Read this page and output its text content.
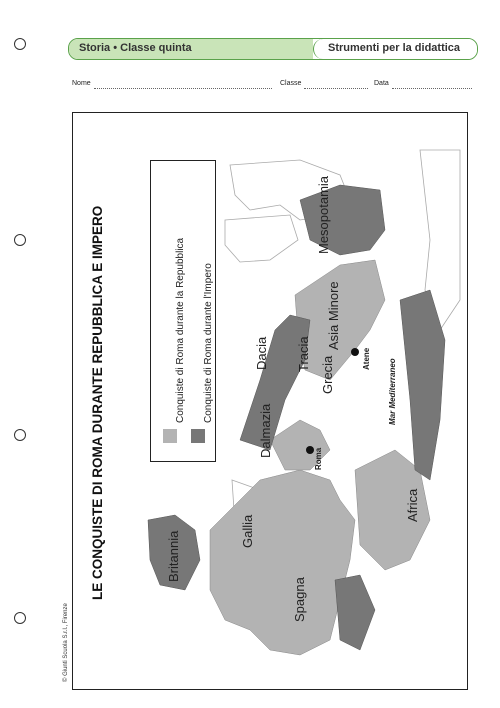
Storia • Classe quinta	Strumenti per la didattica
Nome	Classe	Data
LE CONQUISTE DI ROMA DURANTE REPUBBLICA E IMPERO
© Giunti Scuola S.r.l., Firenze
Conquiste di Roma durante la Repubblica Conquiste di Roma durante l'Impero
Britannia	Gallia
Spagna
Africa
Dalmazia
Dacia Tracia
Grecia
Asia Minore
Mesopotamia
Roma
Atene Mar Mediterraneo
